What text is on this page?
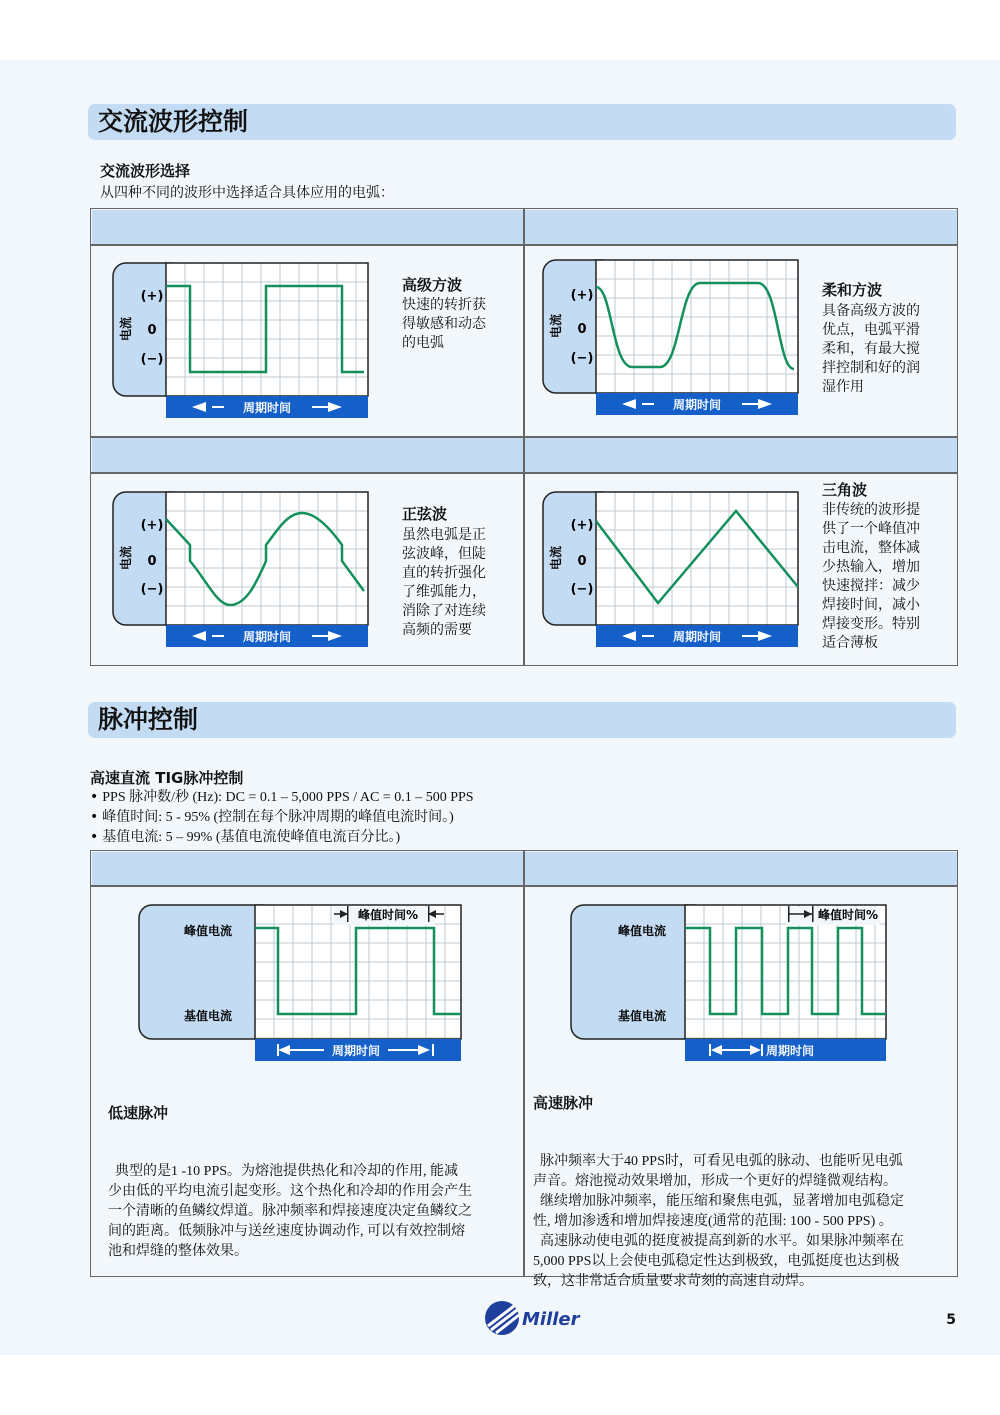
交流波形控制
交流波形选择
从四种不同的波形中选择适合具体应用的电弧：
周期时间
电流
(+)
0
(−)
高级方波
快速的转折获
得敏感和动态
的电弧
周期时间
电流
(+)
0
(−)
柔和方波
具备高级方波的
优点，电弧平滑
柔和，有最大搅
拌控制和好的润
湿作用
周期时间
电流
(+)
0
(−)
正弦波
虽然电弧是正
弦波峰，但陡
直的转折强化
了维弧能力，
消除了对连续
高频的需要	周期时间
电流
(+)
0
(−)
三角波
非传统的波形提
供了一个峰值冲
击电流，整体减
少热输入，增加
快速搅拌：减少
焊接时间，减小
焊接变形。特别
适合薄板
脉冲控制
高速直流 TIG脉冲控制
• PPS 脉冲数/秒 (Hz): DC = 0.1 – 5,000 PPS / AC = 0.1 – 500 PPS
• 峰值时间: 5 - 95% (控制在每个脉冲周期的峰值电流时间。)
• 基值电流: 5 – 99% (基值电流使峰值电流百分比。)
周期时间
峰值电流
基值电流
峰值时间%
低速脉冲

典型的是1 -10 PPS。为熔池提供热化和冷却的作用, 能减
少由低的平均电流引起变形。这个热化和冷却的作用会产生
一个清晰的鱼鳞纹焊道。脉冲频率和焊接速度决定鱼鳞纹之
间的距离。低频脉冲与送丝速度协调动作, 可以有效控制熔
池和焊缝的整体效果。

周期时间
峰值电流
基值电流
峰值时间%
高速脉冲

脉冲频率大于40 PPS时，可看见电弧的脉动、也能听见电弧
声音。熔池搅动效果增加，形成一个更好的焊缝微观结构。
继续增加脉冲频率，能压缩和聚焦电弧，显著增加电弧稳定
性, 增加渗透和增加焊接速度(通常的范围: 100 - 500 PPS) 。
高速脉动使电弧的挺度被提高到新的水平。如果脉冲频率在
5,000 PPS以上会使电弧稳定性达到极致，电弧挺度也达到极
致，这非常适合质量要求苛刻的高速自动焊。

Miller	5
